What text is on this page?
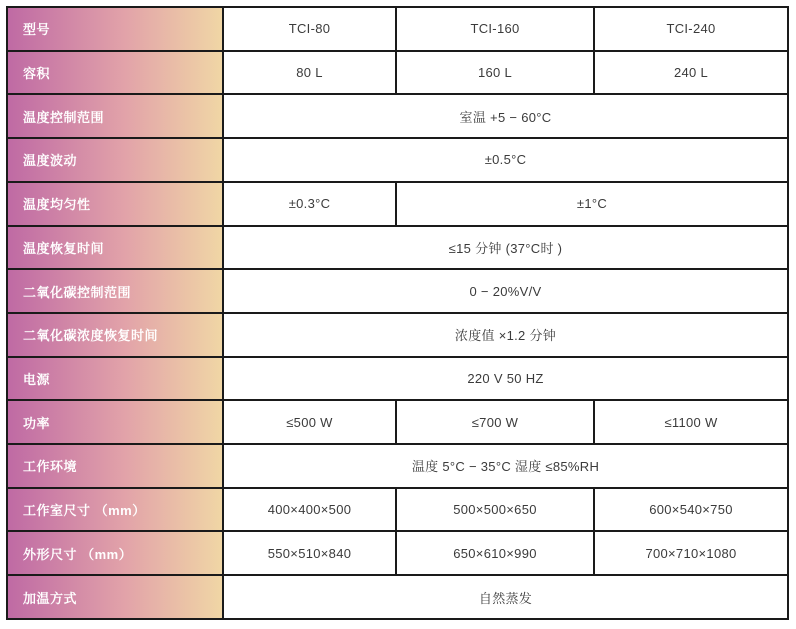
型号	TCI-80	TCI-160	TCI-240
容积	80 L	160 L	240 L
温度控制范围	室温 +5 − 60°C		
温度波动	±0.5°C		
温度均匀性	±0.3°C	±1°C	
温度恢复时间	≤15 分钟 (37°C时 )		
二氧化碳控制范围	0 − 20%V/V		
二氧化碳浓度恢复时间	浓度值 ×1.2 分钟		
电源	220 V 50 HZ		
功率	≤500 W	≤700 W	≤1100 W
工作环境	温度 5°C − 35°C 湿度 ≤85%RH		
工作室尺寸 （mm）	400×400×500	500×500×650	600×540×750
外形尺寸 （mm）	550×510×840	650×610×990	700×710×1080
加温方式	自然蒸发		
